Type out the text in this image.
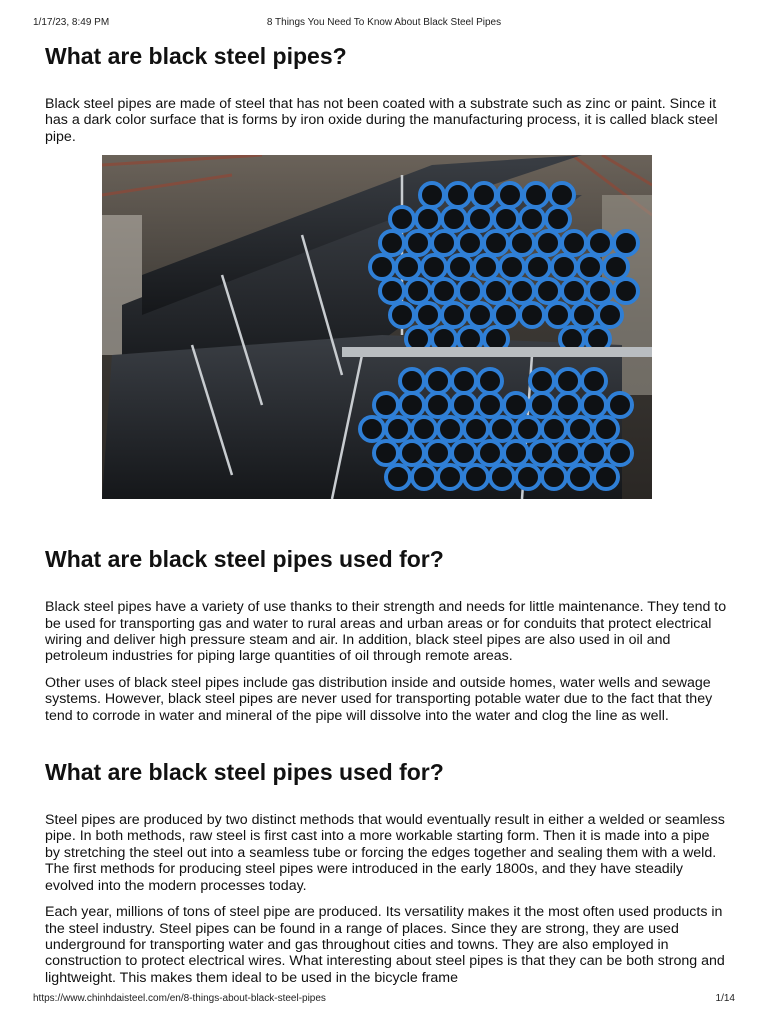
1/17/23, 8:49 PM	8 Things You Need To Know About Black Steel Pipes
What are black steel pipes?

Black steel pipes are made of steel that has not been coated with a substrate such as zinc or paint. Since it has a dark color surface that is forms by iron oxide during the manufacturing process, it is called black steel pipe.

What are black steel pipes used for?

Black steel pipes have a variety of use thanks to their strength and needs for little maintenance. They tend to be used for transporting gas and water to rural areas and urban areas or for conduits that protect electrical wiring and deliver high pressure steam and air. In addition, black steel pipes are also used in oil and petroleum industries for piping large quantities of oil through remote areas.

Other uses of black steel pipes include gas distribution inside and outside homes, water wells and sewage systems. However, black steel pipes are never used for transporting potable water due to the fact that they tend to corrode in water and mineral of the pipe will dissolve into the water and clog the line as well.

What are black steel pipes used for?

Steel pipes are produced by two distinct methods that would eventually result in either a welded or seamless pipe. In both methods, raw steel is first cast into a more workable starting form. Then it is made into a pipe by stretching the steel out into a seamless tube or forcing the edges together and sealing them with a weld. The first methods for producing steel pipes were introduced in the early 1800s, and they have steadily evolved into the modern processes today.

Each year, millions of tons of steel pipe are produced. Its versatility makes it the most often used products in the steel industry. Steel pipes can be found in a range of places. Since they are strong, they are used underground for transporting water and gas throughout cities and towns. They are also employed in construction to protect electrical wires. What interesting about steel pipes is that they can be both strong and lightweight. This makes them ideal to be used in the bicycle frame

https://www.chinhdaisteel.com/en/8-things-about-black-steel-pipes	1/14
